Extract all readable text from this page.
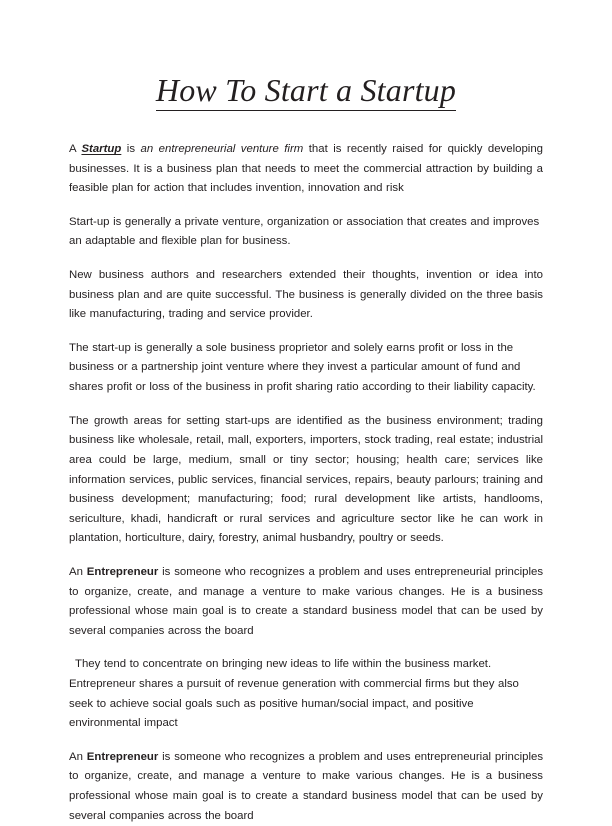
How To Start a Startup

A Startup is an entrepreneurial venture firm that is recently raised for quickly developing businesses. It is a business plan that needs to meet the commercial attraction by building a feasible plan for action that includes invention, innovation and risk

Start-up is generally a private venture, organization or association that creates and improves an adaptable and flexible plan for business.

New business authors and researchers extended their thoughts, invention or idea into business plan and are quite successful. The business is generally divided on the three basis like manufacturing, trading and service provider.

The start-up is generally a sole business proprietor and solely earns profit or loss in the business or a partnership joint venture where they invest a particular amount of fund and shares profit or loss of the business in profit sharing ratio according to their liability capacity.

The growth areas for setting start-ups are identified as the business environment; trading business like wholesale, retail, mall, exporters, importers, stock trading, real estate; industrial area could be large, medium, small or tiny sector; housing; health care; services like information services, public services, financial services, repairs, beauty parlours; training and business development; manufacturing; food; rural development like artists, handlooms, sericulture, khadi, handicraft or rural services and agriculture sector like he can work in plantation, horticulture, dairy, forestry, animal husbandry, poultry or seeds.

An Entrepreneur is someone who recognizes a problem and uses entrepreneurial principles to organize, create, and manage a venture to make various changes. He is a business professional whose main goal is to create a standard business model that can be used by several companies across the board

They tend to concentrate on bringing new ideas to life within the business market. Entrepreneur shares a pursuit of revenue generation with commercial firms but they also seek to achieve social goals such as positive human/social impact, and positive environmental impact

An Entrepreneur is someone who recognizes a problem and uses entrepreneurial principles to organize, create, and manage a venture to make various changes. He is a business professional whose main goal is to create a standard business model that can be used by several companies across the board
